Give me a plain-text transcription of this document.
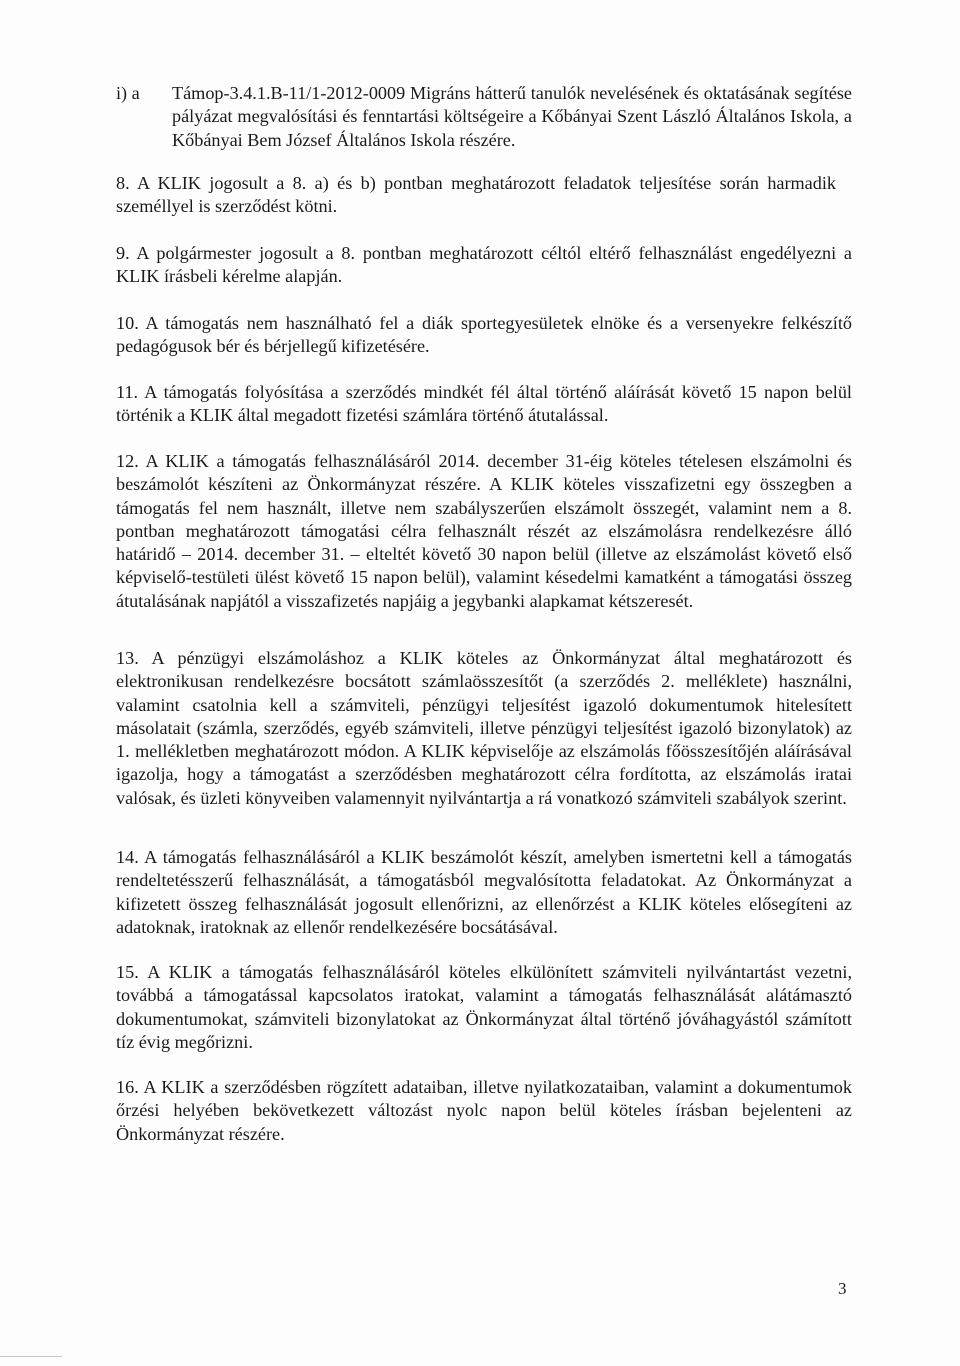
i) a Támop-3.4.1.B-11/1-2012-0009 Migráns hátterű tanulók nevelésének és oktatásának segítése pályázat megvalósítási és fenntartási költségeire a Kőbányai Szent László Általános Iskola, a Kőbányai Bem József Általános Iskola részére.

8. A KLIK jogosult a 8. a) és b) pontban meghatározott feladatok teljesítése során harmadik személlyel is szerződést kötni.

9. A polgármester jogosult a 8. pontban meghatározott céltól eltérő felhasználást engedélyezni a KLIK írásbeli kérelme alapján.

10. A támogatás nem használható fel a diák sportegyesületek elnöke és a versenyekre felkészítő pedagógusok bér és bérjellegű kifizetésére.

11. A támogatás folyósítása a szerződés mindkét fél által történő aláírását követő 15 napon belül történik a KLIK által megadott fizetési számlára történő átutalással.

12. A KLIK a támogatás felhasználásáról 2014. december 31-éig köteles tételesen elszámolni és beszámolót készíteni az Önkormányzat részére. A KLIK köteles visszafizetni egy összegben a támogatás fel nem használt, illetve nem szabályszerűen elszámolt összegét, valamint nem a 8. pontban meghatározott támogatási célra felhasznált részét az elszámolásra rendelkezésre álló határidő – 2014. december 31. – elteltét követő 30 napon belül (illetve az elszámolást követő első képviselő-testületi ülést követő 15 napon belül), valamint késedelmi kamatként a támogatási összeg átutalásának napjától a visszafizetés napjáig a jegybanki alapkamat kétszeresét.

13. A pénzügyi elszámoláshoz a KLIK köteles az Önkormányzat által meghatározott és elektronikusan rendelkezésre bocsátott számlaösszesítőt (a szerződés 2. melléklete) használni, valamint csatolnia kell a számviteli, pénzügyi teljesítést igazoló dokumentumok hitelesített másolatait (számla, szerződés, egyéb számviteli, illetve pénzügyi teljesítést igazoló bizonylatok) az 1. mellékletben meghatározott módon. A KLIK képviselője az elszámolás főösszesítőjén aláírásával igazolja, hogy a támogatást a szerződésben meghatározott célra fordította, az elszámolás iratai valósak, és üzleti könyveiben valamennyit nyilvántartja a rá vonatkozó számviteli szabályok szerint.

14. A támogatás felhasználásáról a KLIK beszámolót készít, amelyben ismertetni kell a támogatás rendeltetésszerű felhasználását, a támogatásból megvalósította feladatokat. Az Önkormányzat a kifizetett összeg felhasználását jogosult ellenőrizni, az ellenőrzést a KLIK köteles elősegíteni az adatoknak, iratoknak az ellenőr rendelkezésére bocsátásával.

15. A KLIK a támogatás felhasználásáról köteles elkülönített számviteli nyilvántartást vezetni, továbbá a támogatással kapcsolatos iratokat, valamint a támogatás felhasználását alátámasztó dokumentumokat, számviteli bizonylatokat az Önkormányzat által történő jóváhagyástól számított tíz évig megőrizni.

16. A KLIK a szerződésben rögzített adataiban, illetve nyilatkozataiban, valamint a dokumentumok őrzési helyében bekövetkezett változást nyolc napon belül köteles írásban bejelenteni az Önkormányzat részére.

3
